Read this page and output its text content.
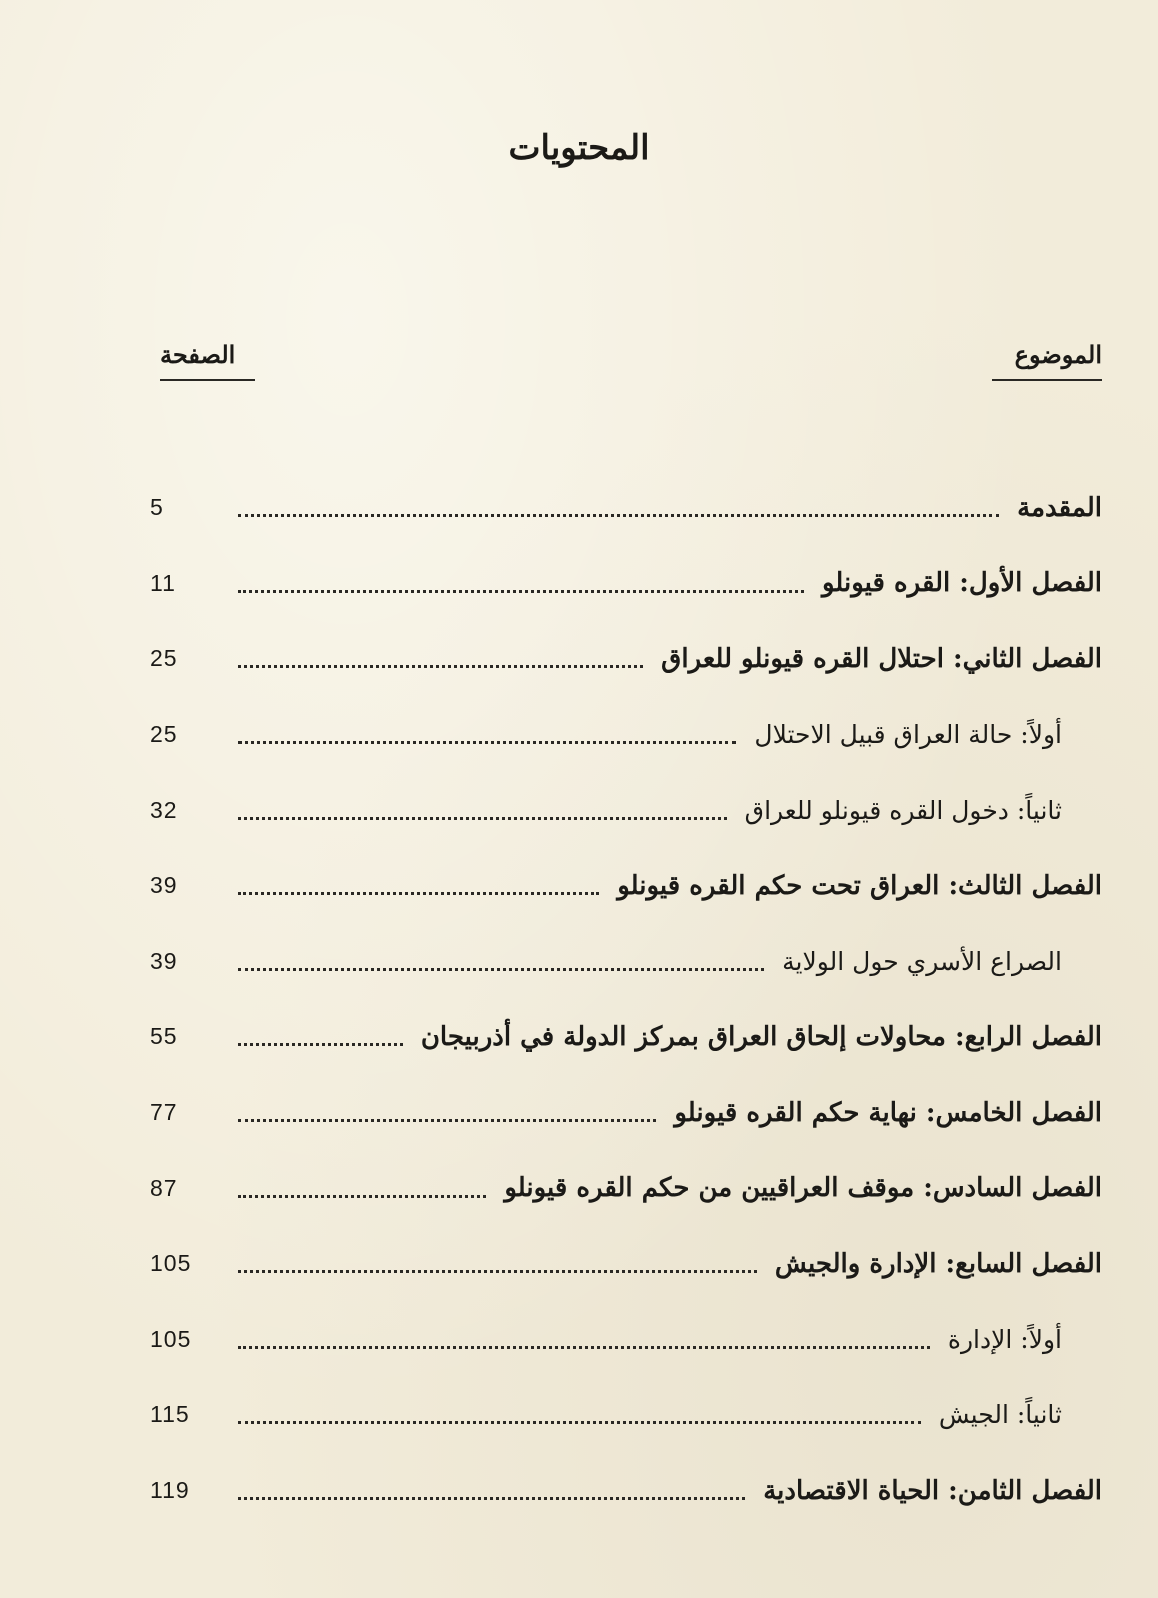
المحتويات
الموضوع
الصفحة
المقدمة
5
الفصل الأول: القره قيونلو
11
الفصل الثاني: احتلال القره قيونلو للعراق
25
أولاً: حالة العراق قبيل الاحتلال
25
ثانياً: دخول القره قيونلو للعراق
32
الفصل الثالث: العراق تحت حكم القره قيونلو
39
الصراع الأسري حول الولاية
39
الفصل الرابع: محاولات إلحاق العراق بمركز الدولة في أذربيجان
55
الفصل الخامس: نهاية حكم القره قيونلو
77
الفصل السادس: موقف العراقيين من حكم القره قيونلو
87
الفصل السابع: الإدارة والجيش
105
أولاً: الإدارة
105
ثانياً: الجيش
115
الفصل الثامن: الحياة الاقتصادية
119
